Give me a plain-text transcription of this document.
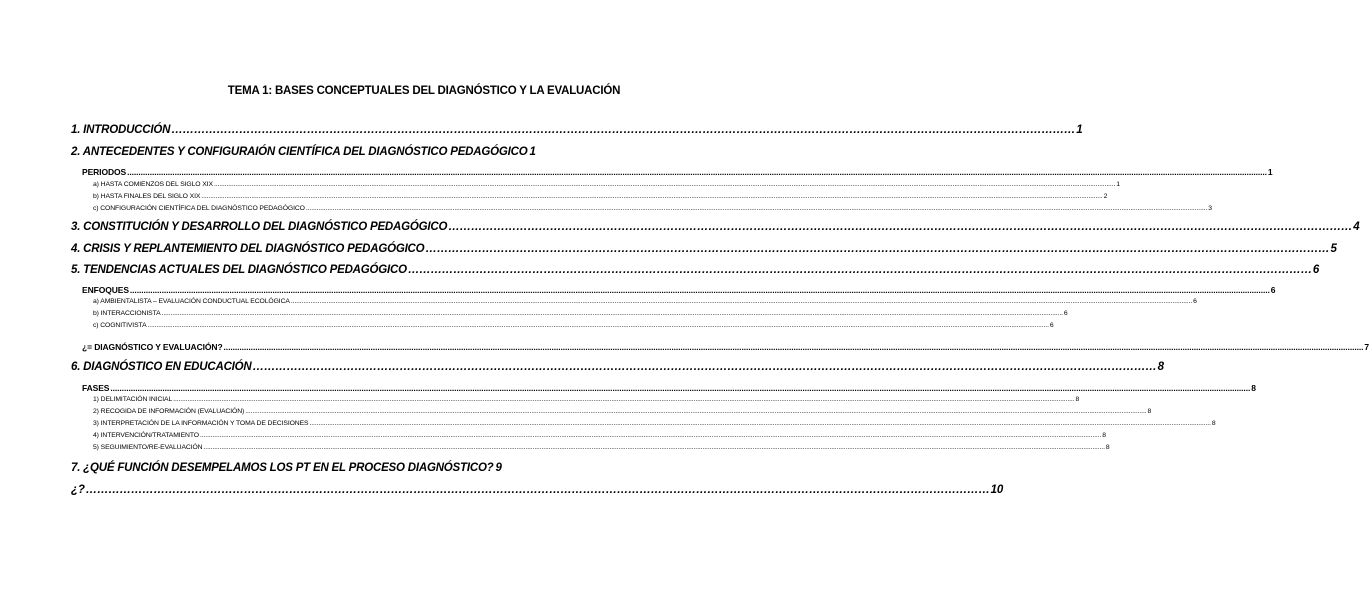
TEMA 1: BASES CONCEPTUALES DEL DIAGNÓSTICO Y LA EVALUACIÓN
1. INTRODUCCIÓN ……………………………………………………………………………………………………………………………………………………………………………………………………………………	1
2. ANTECEDENTES Y CONFIGURAIÓN CIENTÍFICA DEL DIAGNÓSTICO PEDAGÓGICO 1
PERIODOS .....	1
a) HASTA COMIENZOS DEL SIGLO XIX .....	1
b) HASTA FINALES DEL SIGLO XIX .....	2
c) CONFIGURACIÓN CIENTÍFICA DEL DIAGNÓSTICO PEDAGÓGICO .....	3
3. CONSTITUCIÓN Y DESARROLLO DEL DIAGNÓSTICO PEDAGÓGICO ……………………………………………………………………………………………………………………………………………………………………………………………………………………	4
4. CRISIS Y REPLANTEMIENTO DEL DIAGNÓSTICO PEDAGÓGICO ……………………………………………………………………………………………………………………………………………………………………………………………………………………	5
5. TENDENCIAS ACTUALES DEL DIAGNÓSTICO PEDAGÓGICO ……………………………………………………………………………………………………………………………………………………………………………………………………………………	6
ENFOQUES .....	6
a) AMBIENTALISTA – EVALUACIÓN CONDUCTUAL ECOLÓGICA .....	6
b) INTERACCIONISTA .....	6
c) COGNITIVISTA .....	6
¿= DIAGNÓSTICO Y EVALUACIÓN? .....	7
6. DIAGNÓSTICO EN EDUCACIÓN ……………………………………………………………………………………………………………………………………………………………………………………………………………………	8
FASES .....	8
1) DELIMITACIÓN INICIAL .....	8
2) RECOGIDA DE INFORMACIÓN (EVALUACIÓN) .....	8
3) INTERPRETACIÓN DE LA INFORMACIÓN Y TOMA DE DECISIONES .....	8
4) INTERVENCIÓN/TRATAMIENTO .....	8
5) SEGUIMIENTO/RE-EVALUACIÓN .....	8
7. ¿QUÉ FUNCIÓN DESEMPELAMOS LOS PT EN EL PROCESO DIAGNÓSTICO? 9
¿? ……………………………………………………………………………………………………………………………………………………………………………………………………………………	10
